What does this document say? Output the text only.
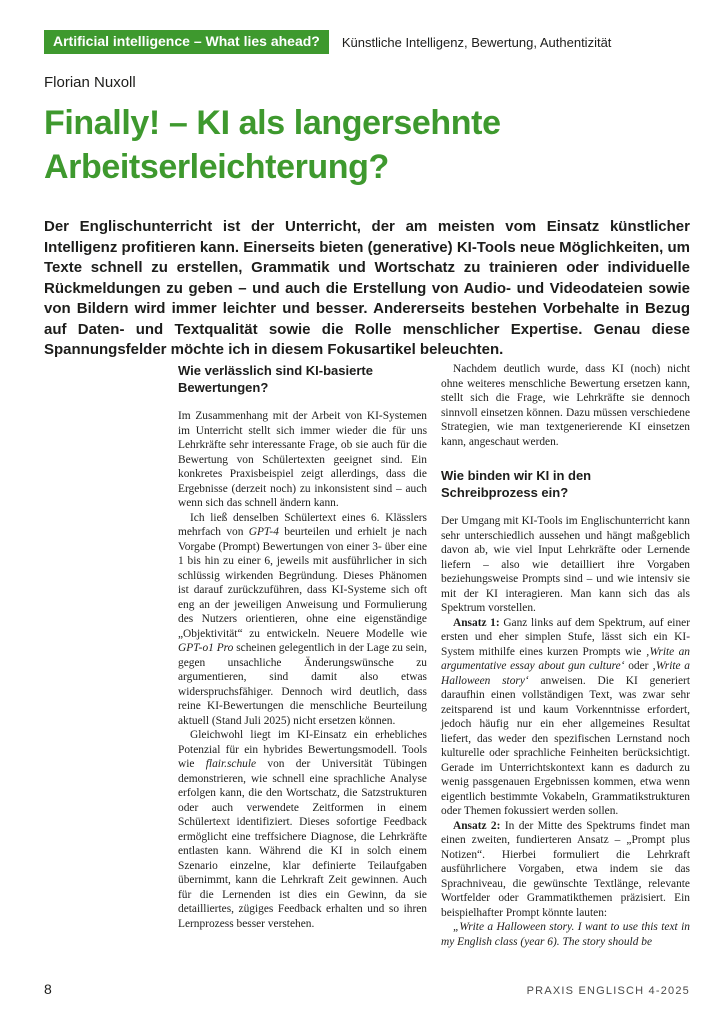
Artificial intelligence – What lies ahead?	Künstliche Intelligenz, Bewertung, Authentizität
Florian Nuxoll
Finally! – KI als langersehnte Arbeitserleichterung?

Der Englischunterricht ist der Unterricht, der am meisten vom Einsatz künstlicher Intelligenz profitieren kann. Einerseits bieten (generative) KI-Tools neue Möglichkeiten, um Texte schnell zu erstellen, Grammatik und Wortschatz zu trainieren oder individuelle Rückmeldungen zu geben – und auch die Erstellung von Audio- und Videodateien sowie von Bildern wird immer leichter und besser. Andererseits bestehen Vorbehalte in Bezug auf Daten- und Textqualität sowie die Rolle menschlicher Expertise. Genau diese Spannungsfelder möchte ich in diesem Fokusartikel beleuchten.

Wie verlässlich sind KI-basierte Bewertungen?

Im Zusammenhang mit der Arbeit von KI-Systemen im Unterricht stellt sich immer wieder die für uns Lehrkräfte sehr interessante Frage, ob sie auch für die Bewertung von Schülertexten geeignet sind. Ein konkretes Praxisbeispiel zeigt allerdings, dass die Ergebnisse (derzeit noch) zu inkonsistent sind – auch wenn sich das schnell ändern kann.

Ich ließ denselben Schülertext eines 6. Klässlers mehrfach von GPT-4 beurteilen und erhielt je nach Vorgabe (Prompt) Bewertungen von einer 3- über eine 1 bis hin zu einer 6, jeweils mit ausführlicher in sich schlüssig wirkenden Begründung. Dieses Phänomen ist darauf zurückzuführen, dass KI-Systeme sich oft eng an der jeweiligen Anweisung und Formulierung des Nutzers orientieren, ohne eine eigenständige „Objektivität“ zu entwickeln. Neuere Modelle wie GPT-o1 Pro scheinen gelegentlich in der Lage zu sein, gegen unsachliche Änderungswünsche zu argumentieren, sind damit also etwas widerspruchsfähiger. Dennoch wird deutlich, dass reine KI-Bewertungen die menschliche Beurteilung aktuell (Stand Juli 2025) nicht ersetzen können.

Gleichwohl liegt im KI-Einsatz ein erhebliches Potenzial für ein hybrides Bewertungsmodell. Tools wie flair.schule von der Universität Tübingen demonstrieren, wie schnell eine sprachliche Analyse erfolgen kann, die den Wortschatz, die Satzstrukturen oder auch verwendete Zeitformen in einem Schülertext identifiziert. Dieses sofortige Feedback ermöglicht eine treffsichere Diagnose, die Lehrkräfte entlasten kann. Während die KI in solch einem Szenario einzelne, klar definierte Teilaufgaben übernimmt, kann die Lehrkraft Zeit gewinnen. Auch für die Lernenden ist dies ein Gewinn, da sie detailliertes, zügiges Feedback erhalten und so ihren Lernprozess besser verstehen.

Nachdem deutlich wurde, dass KI (noch) nicht ohne weiteres menschliche Bewertung ersetzen kann, stellt sich die Frage, wie Lehrkräfte sie dennoch sinnvoll einsetzen können. Dazu müssen verschiedene Strategien, wie man textgenerierende KI einsetzen kann, angeschaut werden.

Wie binden wir KI in den Schreibprozess ein?

Der Umgang mit KI-Tools im Englischunterricht kann sehr unterschiedlich aussehen und hängt maßgeblich davon ab, wie viel Input Lehrkräfte oder Lernende liefern – also wie detailliert ihre Vorgaben beziehungsweise Prompts sind – und wie intensiv sie mit der KI interagieren. Man kann sich das als Spektrum vorstellen.

Ansatz 1: Ganz links auf dem Spektrum, auf einer ersten und eher simplen Stufe, lässt sich ein KI-System mithilfe eines kurzen Prompts wie ‚Write an argumentative essay about gun culture‘ oder ‚Write a Halloween story‘ anweisen. Die KI generiert daraufhin einen vollständigen Text, was zwar sehr zeitsparend ist und kaum Vorkenntnisse erfordert, jedoch häufig nur ein eher allgemeines Resultat liefert, das weder den spezifischen Lernstand noch kulturelle oder sprachliche Feinheiten berücksichtigt. Gerade im Unterrichtskontext kann es dadurch zu wenig passgenauen Ergebnissen kommen, etwa wenn eigentlich bestimmte Vokabeln, Grammatikstrukturen oder Themen fokussiert werden sollen.

Ansatz 2: In der Mitte des Spektrums findet man einen zweiten, fundierteren Ansatz – „Prompt plus Notizen“. Hierbei formuliert die Lehrkraft ausführlichere Vorgaben, etwa indem sie das Sprachniveau, die gewünschte Textlänge, relevante Wortfelder oder Grammatikthemen präzisiert. Ein beispielhafter Prompt könnte lauten:

„Write a Halloween story. I want to use this text in my English class (year 6). The story should be

8	PRAXIS ENGLISCH 4-2025
